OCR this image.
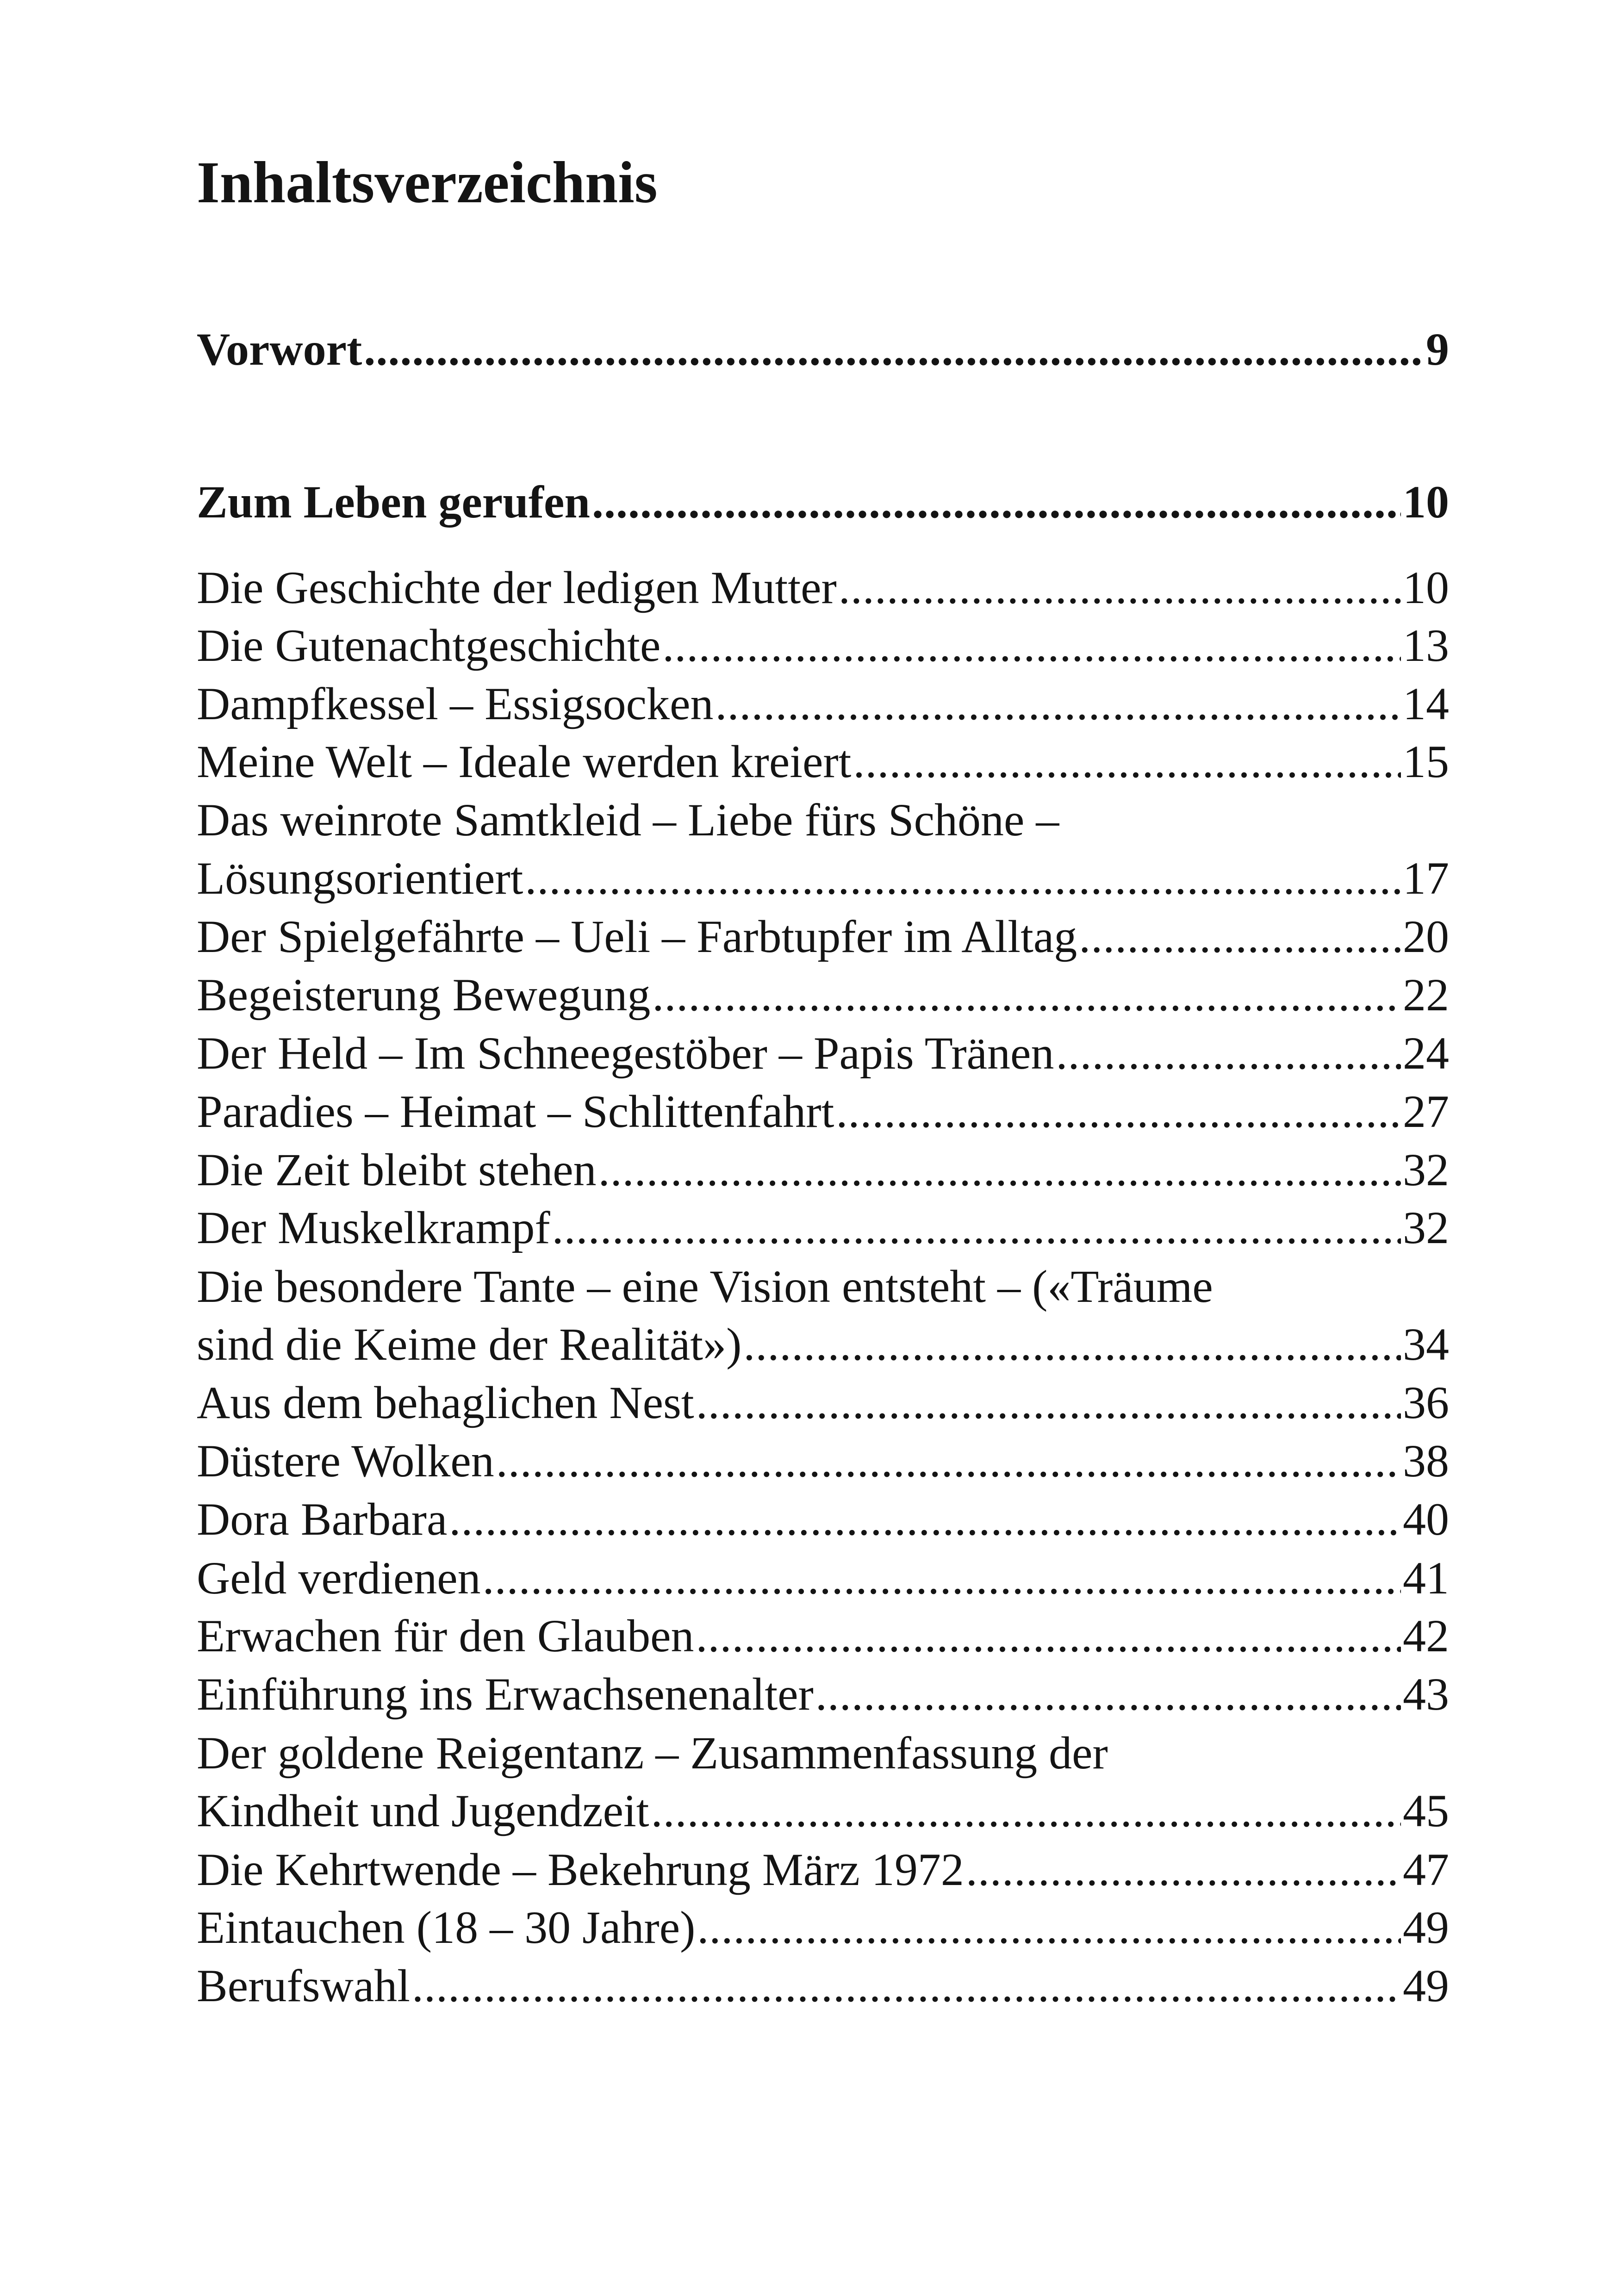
Inhaltsverzeichnis
Vorwort .....	9
Zum Leben gerufen .....	10
Die Geschichte der ledigen Mutter .....	10
Die Gutenachtgeschichte .....	13
Dampfkessel – Essigsocken .....	14
Meine Welt – Ideale werden kreiert .....	15
Das weinrote Samtkleid – Liebe fürs Schöne –
Lösungsorientiert .....	17
Der Spielgefährte – Ueli – Farbtupfer im Alltag .....	20
Begeisterung Bewegung .....	22
Der Held – Im Schneegestöber – Papis Tränen .....	24
Paradies – Heimat – Schlittenfahrt .....	27
Die Zeit bleibt stehen .....	32
Der Muskelkrampf .....	32
Die besondere Tante – eine Vision entsteht – («Träume
sind die Keime der Realität») .....	34
Aus dem behaglichen Nest .....	36
Düstere Wolken .....	38
Dora Barbara .....	40
Geld verdienen .....	41
Erwachen für den Glauben .....	42
Einführung ins Erwachsenenalter .....	43
Der goldene Reigentanz – Zusammenfassung der
Kindheit und Jugendzeit .....	45
Die Kehrtwende – Bekehrung März 1972 .....	47
Eintauchen (18 – 30 Jahre) .....	49
Berufswahl .....	49
